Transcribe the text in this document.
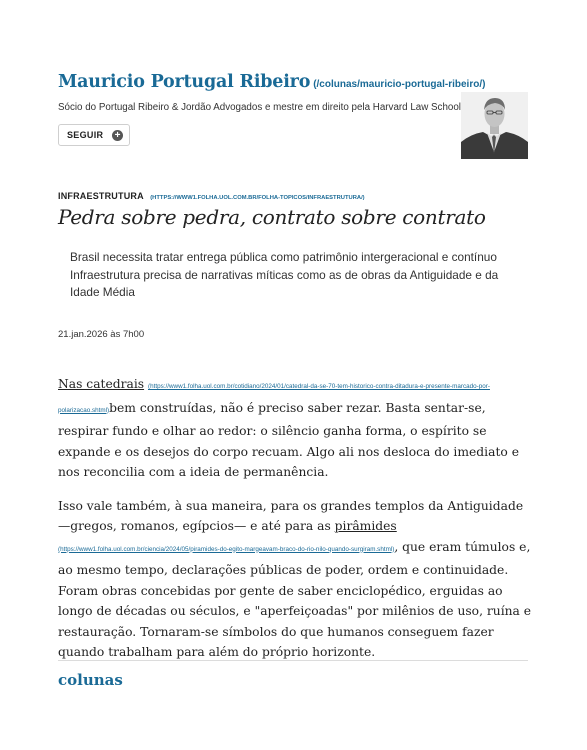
Mauricio Portugal Ribeiro (/colunas/mauricio-portugal-ribeiro/)
Sócio do Portugal Ribeiro & Jordão Advogados e mestre em direito pela Harvard Law School
SEGUIR +
INFRAESTRUTURA (HTTPS://WWW1.FOLHA.UOL.COM.BR/FOLHA-TOPICOS/INFRAESTRUTURA/)
Pedra sobre pedra, contrato sobre contrato

Brasil necessita tratar entrega pública como patrimônio intergeracional e contínuo

Infraestrutura precisa de narrativas míticas como as de obras da Antiguidade e da Idade Média

21.jan.2026 às 7h00

Nas catedrais (https://www1.folha.uol.com.br/cotidiano/2024/01/catedral-da-se-70-tem-historico-contra-ditadura-e-presente-marcado-por-polarizacao.shtml)bem construídas, não é preciso saber rezar. Basta sentar-se, respirar fundo e olhar ao redor: o silêncio ganha forma, o espírito se expande e os desejos do corpo recuam. Algo ali nos desloca do imediato e nos reconcilia com a ideia de permanência.

Isso vale também, à sua maneira, para os grandes templos da Antiguidade —gregos, romanos, egípcios— e até para as pirâmides (https://www1.folha.uol.com.br/ciencia/2024/05/piramides-do-egito-margeavam-braco-do-rio-nilo-quando-surgiram.shtml), que eram túmulos e, ao mesmo tempo, declarações públicas de poder, ordem e continuidade. Foram obras concebidas por gente de saber enciclopédico, erguidas ao longo de décadas ou séculos, e "aperfeiçoadas" por milênios de uso, ruína e restauração. Tornaram-se símbolos do que humanos conseguem fazer quando trabalham para além do próprio horizonte.

colunas
